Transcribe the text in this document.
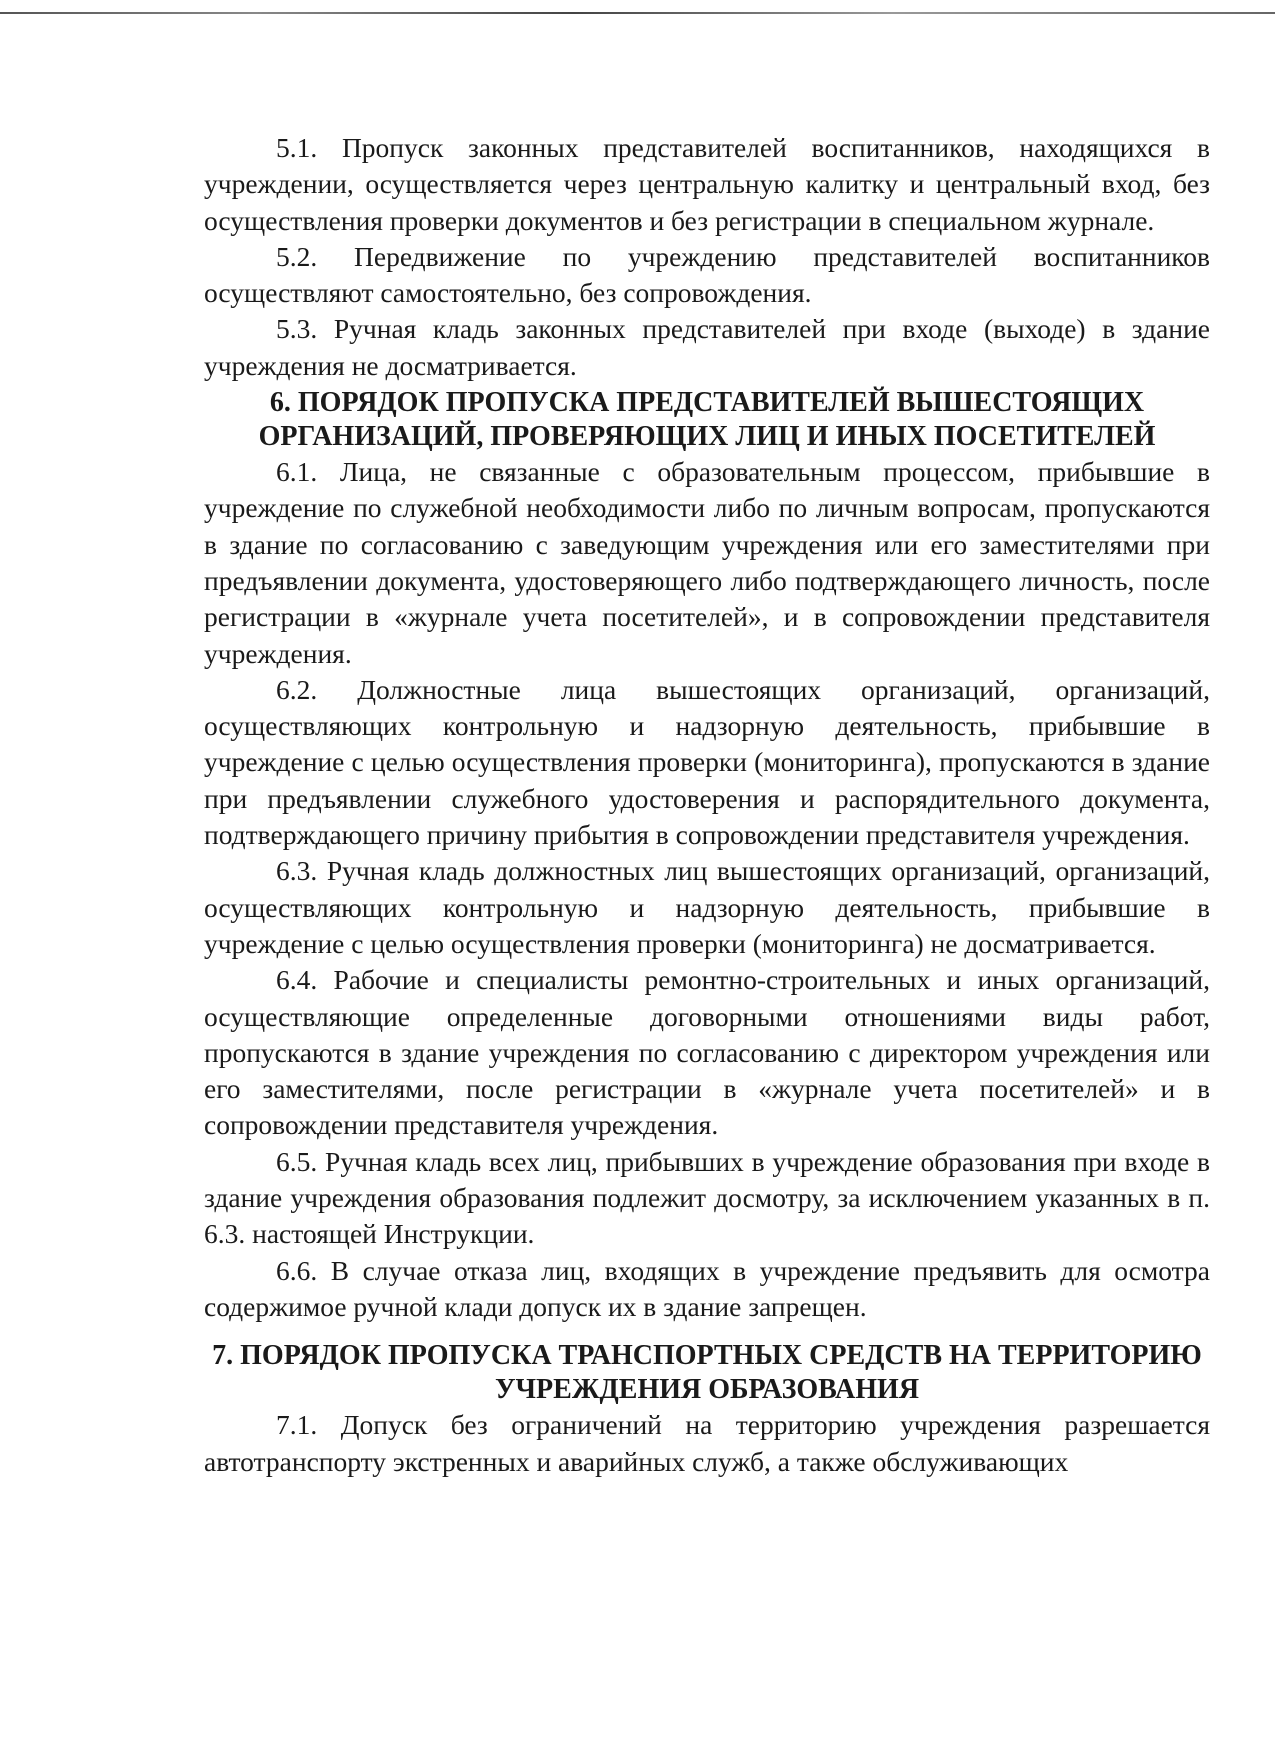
5.1. Пропуск законных представителей воспитанников, находящихся в учреждении, осуществляется через центральную калитку и центральный вход, без осуществления проверки документов и без регистрации в специальном журнале.

5.2. Передвижение по учреждению представителей воспитанников осуществляют самостоятельно, без сопровождения.

5.3. Ручная кладь законных представителей при входе (выходе) в здание учреждения не досматривается.

6. ПОРЯДОК ПРОПУСКА ПРЕДСТАВИТЕЛЕЙ ВЫШЕСТОЯЩИХ ОРГАНИЗАЦИЙ, ПРОВЕРЯЮЩИХ ЛИЦ И ИНЫХ ПОСЕТИТЕЛЕЙ

6.1. Лица, не связанные с образовательным процессом, прибывшие в учреждение по служебной необходимости либо по личным вопросам, пропускаются в здание по согласованию с заведующим учреждения или его заместителями при предъявлении документа, удостоверяющего либо подтверждающего личность, после регистрации в «журнале учета посетителей», и в сопровождении представителя учреждения.

6.2. Должностные лица вышестоящих организаций, организаций, осуществляющих контрольную и надзорную деятельность, прибывшие в учреждение с целью осуществления проверки (мониторинга), пропускаются в здание при предъявлении служебного удостоверения и распорядительного документа, подтверждающего причину прибытия в сопровождении представителя учреждения.

6.3. Ручная кладь должностных лиц вышестоящих организаций, организаций, осуществляющих контрольную и надзорную деятельность, прибывшие в учреждение с целью осуществления проверки (мониторинга) не досматривается.

6.4. Рабочие и специалисты ремонтно-строительных и иных организаций, осуществляющие определенные договорными отношениями виды работ, пропускаются в здание учреждения по согласованию с директором учреждения или его заместителями, после регистрации в «журнале учета посетителей» и в сопровождении представителя учреждения.

6.5. Ручная кладь всех лиц, прибывших в учреждение образования при входе в здание учреждения образования подлежит досмотру, за исключением указанных в п. 6.3. настоящей Инструкции.

6.6. В случае отказа лиц, входящих в учреждение предъявить для осмотра содержимое ручной клади допуск их в здание запрещен.

7. ПОРЯДОК ПРОПУСКА ТРАНСПОРТНЫХ СРЕДСТВ НА ТЕРРИТОРИЮ УЧРЕЖДЕНИЯ ОБРАЗОВАНИЯ

7.1. Допуск без ограничений на территорию учреждения разрешается автотранспорту экстренных и аварийных служб, а также обслуживающих
